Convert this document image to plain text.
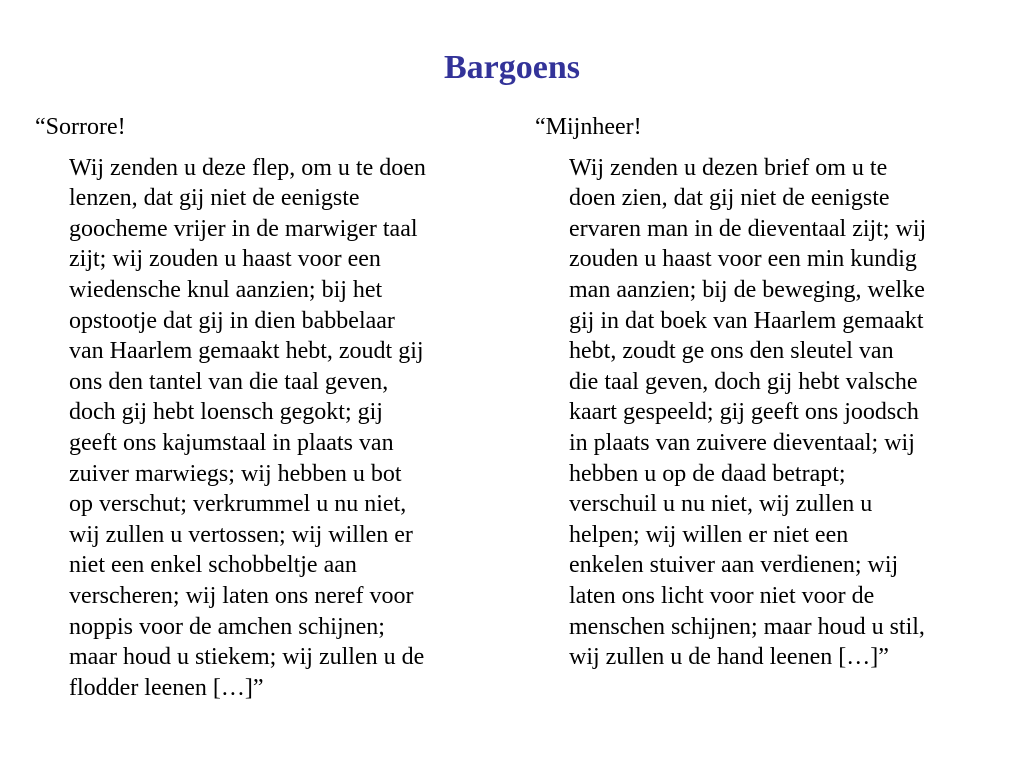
Bargoens
“Sorrore!
Wij zenden u deze flep, om u te doen
lenzen, dat gij niet de eenigste
goocheme vrijer in de marwiger taal
zijt; wij zouden u haast voor een
wiedensche knul aanzien; bij het
opstootje dat gij in dien babbelaar
van Haarlem gemaakt hebt, zoudt gij
ons den tantel van die taal geven,
doch gij hebt loensch gegokt; gij
geeft ons kajumstaal in plaats van
zuiver marwiegs; wij hebben u bot
op verschut; verkrummel u nu niet,
wij zullen u vertossen; wij willen er
niet een enkel schobbeltje aan
verscheren; wij laten ons neref voor
noppis voor de amchen schijnen;
maar houd u stiekem; wij zullen u de
flodder leenen […]”
“Mijnheer!
Wij zenden u dezen brief om u te
doen zien, dat gij niet de eenigste
ervaren man in de dieventaal zijt; wij
zouden u haast voor een min kundig
man aanzien; bij de beweging, welke
gij in dat boek van Haarlem gemaakt
hebt, zoudt ge ons den sleutel van
die taal geven, doch gij hebt valsche
kaart gespeeld; gij geeft ons joodsch
in plaats van zuivere dieventaal; wij
hebben u op de daad betrapt;
verschuil u nu niet, wij zullen u
helpen; wij willen er niet een
enkelen stuiver aan verdienen; wij
laten ons licht voor niet voor de
menschen schijnen; maar houd u stil,
wij zullen u de hand leenen […]”
